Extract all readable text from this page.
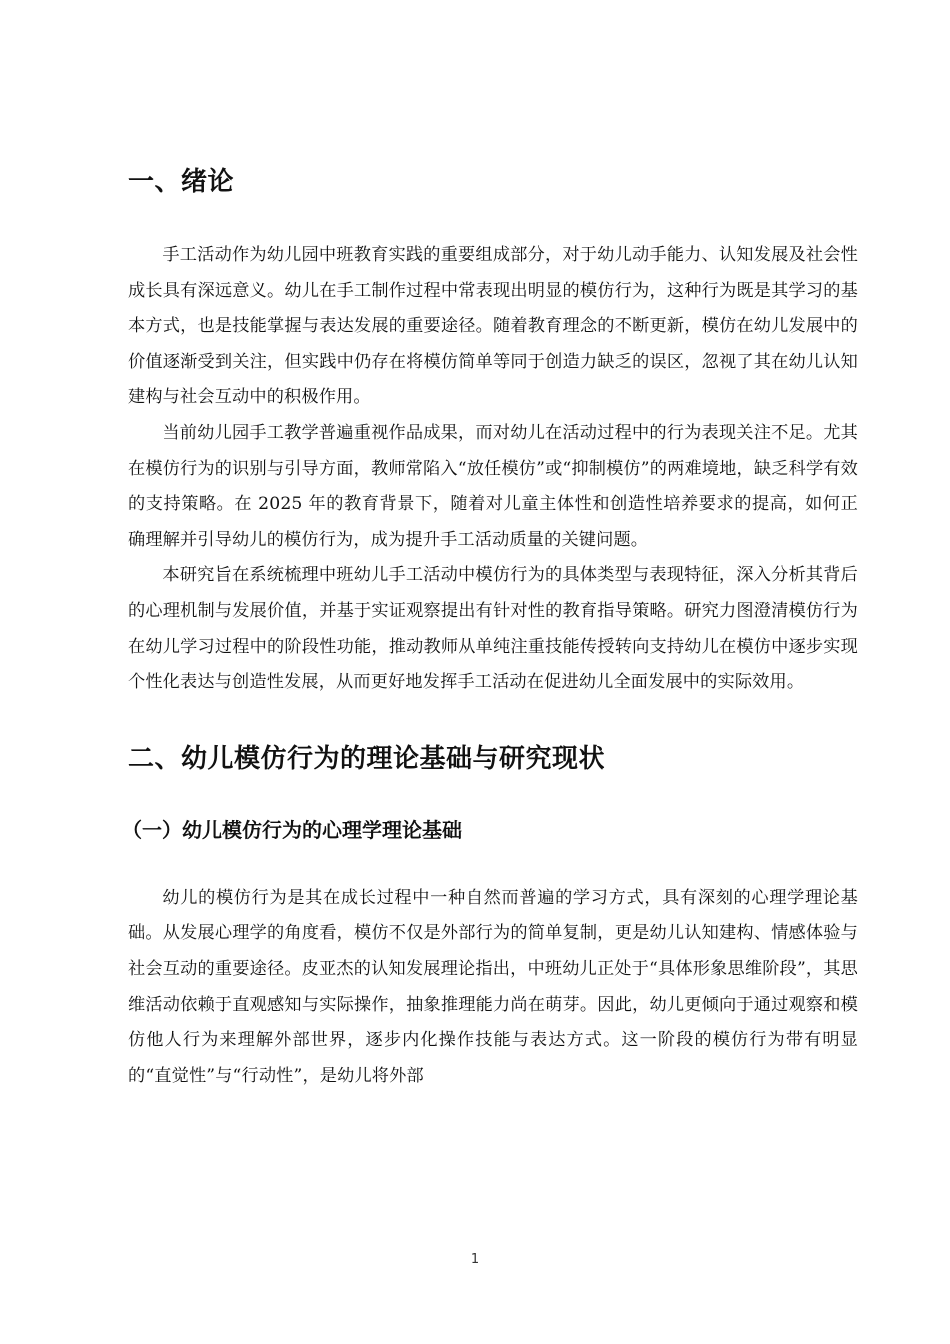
一、绪论

手工活动作为幼儿园中班教育实践的重要组成部分，对于幼儿动手能力、认知发展及社会性成长具有深远意义。幼儿在手工制作过程中常表现出明显的模仿行为，这种行为既是其学习的基本方式，也是技能掌握与表达发展的重要途径。随着教育理念的不断更新，模仿在幼儿发展中的价值逐渐受到关注，但实践中仍存在将模仿简单等同于创造力缺乏的误区，忽视了其在幼儿认知建构与社会互动中的积极作用。

当前幼儿园手工教学普遍重视作品成果，而对幼儿在活动过程中的行为表现关注不足。尤其在模仿行为的识别与引导方面，教师常陷入“放任模仿”或“抑制模仿”的两难境地，缺乏科学有效的支持策略。在 2025 年的教育背景下，随着对儿童主体性和创造性培养要求的提高，如何正确理解并引导幼儿的模仿行为，成为提升手工活动质量的关键问题。

本研究旨在系统梳理中班幼儿手工活动中模仿行为的具体类型与表现特征，深入分析其背后的心理机制与发展价值，并基于实证观察提出有针对性的教育指导策略。研究力图澄清模仿行为在幼儿学习过程中的阶段性功能，推动教师从单纯注重技能传授转向支持幼儿在模仿中逐步实现个性化表达与创造性发展，从而更好地发挥手工活动在促进幼儿全面发展中的实际效用。

二、幼儿模仿行为的理论基础与研究现状
（一）幼儿模仿行为的心理学理论基础

幼儿的模仿行为是其在成长过程中一种自然而普遍的学习方式，具有深刻的心理学理论基础。从发展心理学的角度看，模仿不仅是外部行为的简单复制，更是幼儿认知建构、情感体验与社会互动的重要途径。皮亚杰的认知发展理论指出，中班幼儿正处于“具体形象思维阶段”，其思维活动依赖于直观感知与实际操作，抽象推理能力尚在萌芽。因此，幼儿更倾向于通过观察和模仿他人行为来理解外部世界，逐步内化操作技能与表达方式。这一阶段的模仿行为带有明显的“直觉性”与“行动性”，是幼儿将外部

1
